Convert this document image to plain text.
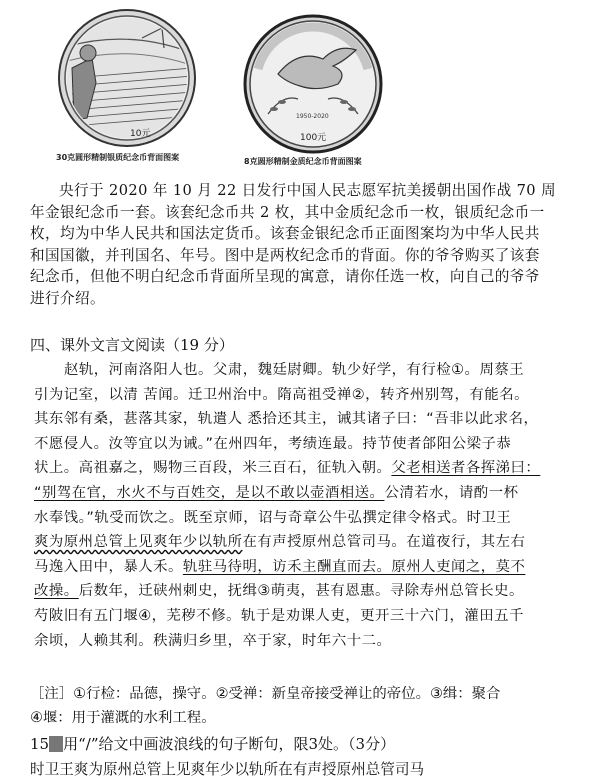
10元
30克圆形精制银质纪念币背面图案
1950-2020
100元
8克圆形精制金质纪念币背面图案
央行于 2020 年 10 月 22 日发行中国人民志愿军抗美援朝出国作战 70 周
年金银纪念币一套。该套纪念币共 2 枚，其中金质纪念币一枚，银质纪念币一
枚，均为中华人民共和国法定货币。该套金银纪念币正面图案均为中华人民共
和国国徽，并刊国名、年号。图中是两枚纪念币的背面。你的爷爷购买了该套
纪念币，但他不明白纪念币背面所呈现的寓意，请你任选一枚，向自己的爷爷
进行介绍。
四、课外文言文阅读（19 分）
赵轨，河南洛阳人也。父肃，魏廷尉卿。轨少好学，有行检①。周蔡王
引为记室，以清 苦闻。迁卫州治中。隋高祖受禅②，转齐州别驾，有能名。
其东邻有桑，葚落其家，轨遣人 悉拾还其主，诫其诸子曰：“吾非以此求名，
不愿侵人。汝等宜以为诫。”在州四年，考绩连最。持节使者郃阳公梁子恭
状上。高祖嘉之，赐物三百段，米三百石，征轨入朝。父老相送者各挥涕曰：
“别驾在官，水火不与百姓交，是以不敢以壶酒相送。公清若水，请酌一杯
水奉饯。”轨受而饮之。既至京师，诏与奇章公牛弘撰定律令格式。时卫王
爽为原州总管上见爽年少以轨所在有声授原州总管司马。在道夜行，其左右
马逸入田中，暴人禾。轨驻马待明，访禾主酬直而去。原州人吏闻之，莫不
改操。后数年，迁硖州刺史，抚缉③萌夷，甚有恩惠。寻除寿州总管长史。
芍陂旧有五门堰④，芜秽不修。轨于是劝课人吏，更开三十六门，灌田五千
余顷，人赖其利。秩满归乡里，卒于家，时年六十二。
［注］①行检：品德，操守。②受禅：新皇帝接受禅让的帝位。③缉：聚合
④堰：用于灌溉的水利工程。
15 用“/”给文中画波浪线的句子断句，限3处。（3分）
时卫王爽为原州总管上见爽年少以轨所在有声授原州总管司马
